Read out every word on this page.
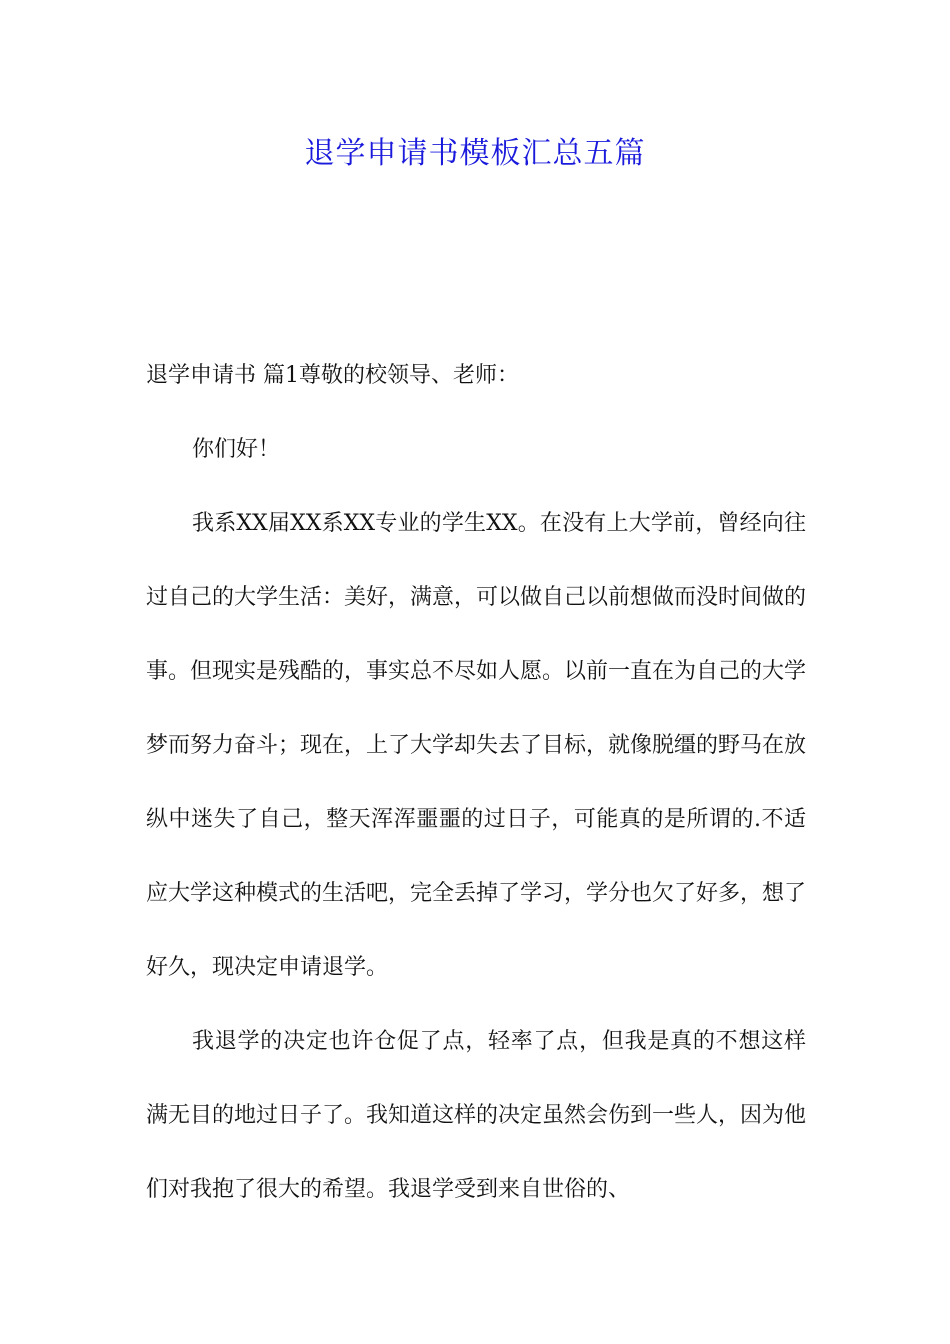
退学申请书模板汇总五篇

退学申请书 篇1尊敬的校领导、老师：

你们好！

我系XX届XX系XX专业的学生XX。在没有上大学前，曾经向往过自己的大学生活：美好，满意，可以做自己以前想做而没时间做的事。但现实是残酷的，事实总不尽如人愿。以前一直在为自己的大学梦而努力奋斗；现在，上了大学却失去了目标，就像脱缰的野马在放纵中迷失了自己，整天浑浑噩噩的过日子，可能真的是所谓的.不适应大学这种模式的生活吧，完全丢掉了学习，学分也欠了好多，想了好久，现决定申请退学。

我退学的决定也许仓促了点，轻率了点，但我是真的不想这样满无目的地过日子了。我知道这样的决定虽然会伤到一些人，因为他们对我抱了很大的希望。我退学受到来自世俗的、
